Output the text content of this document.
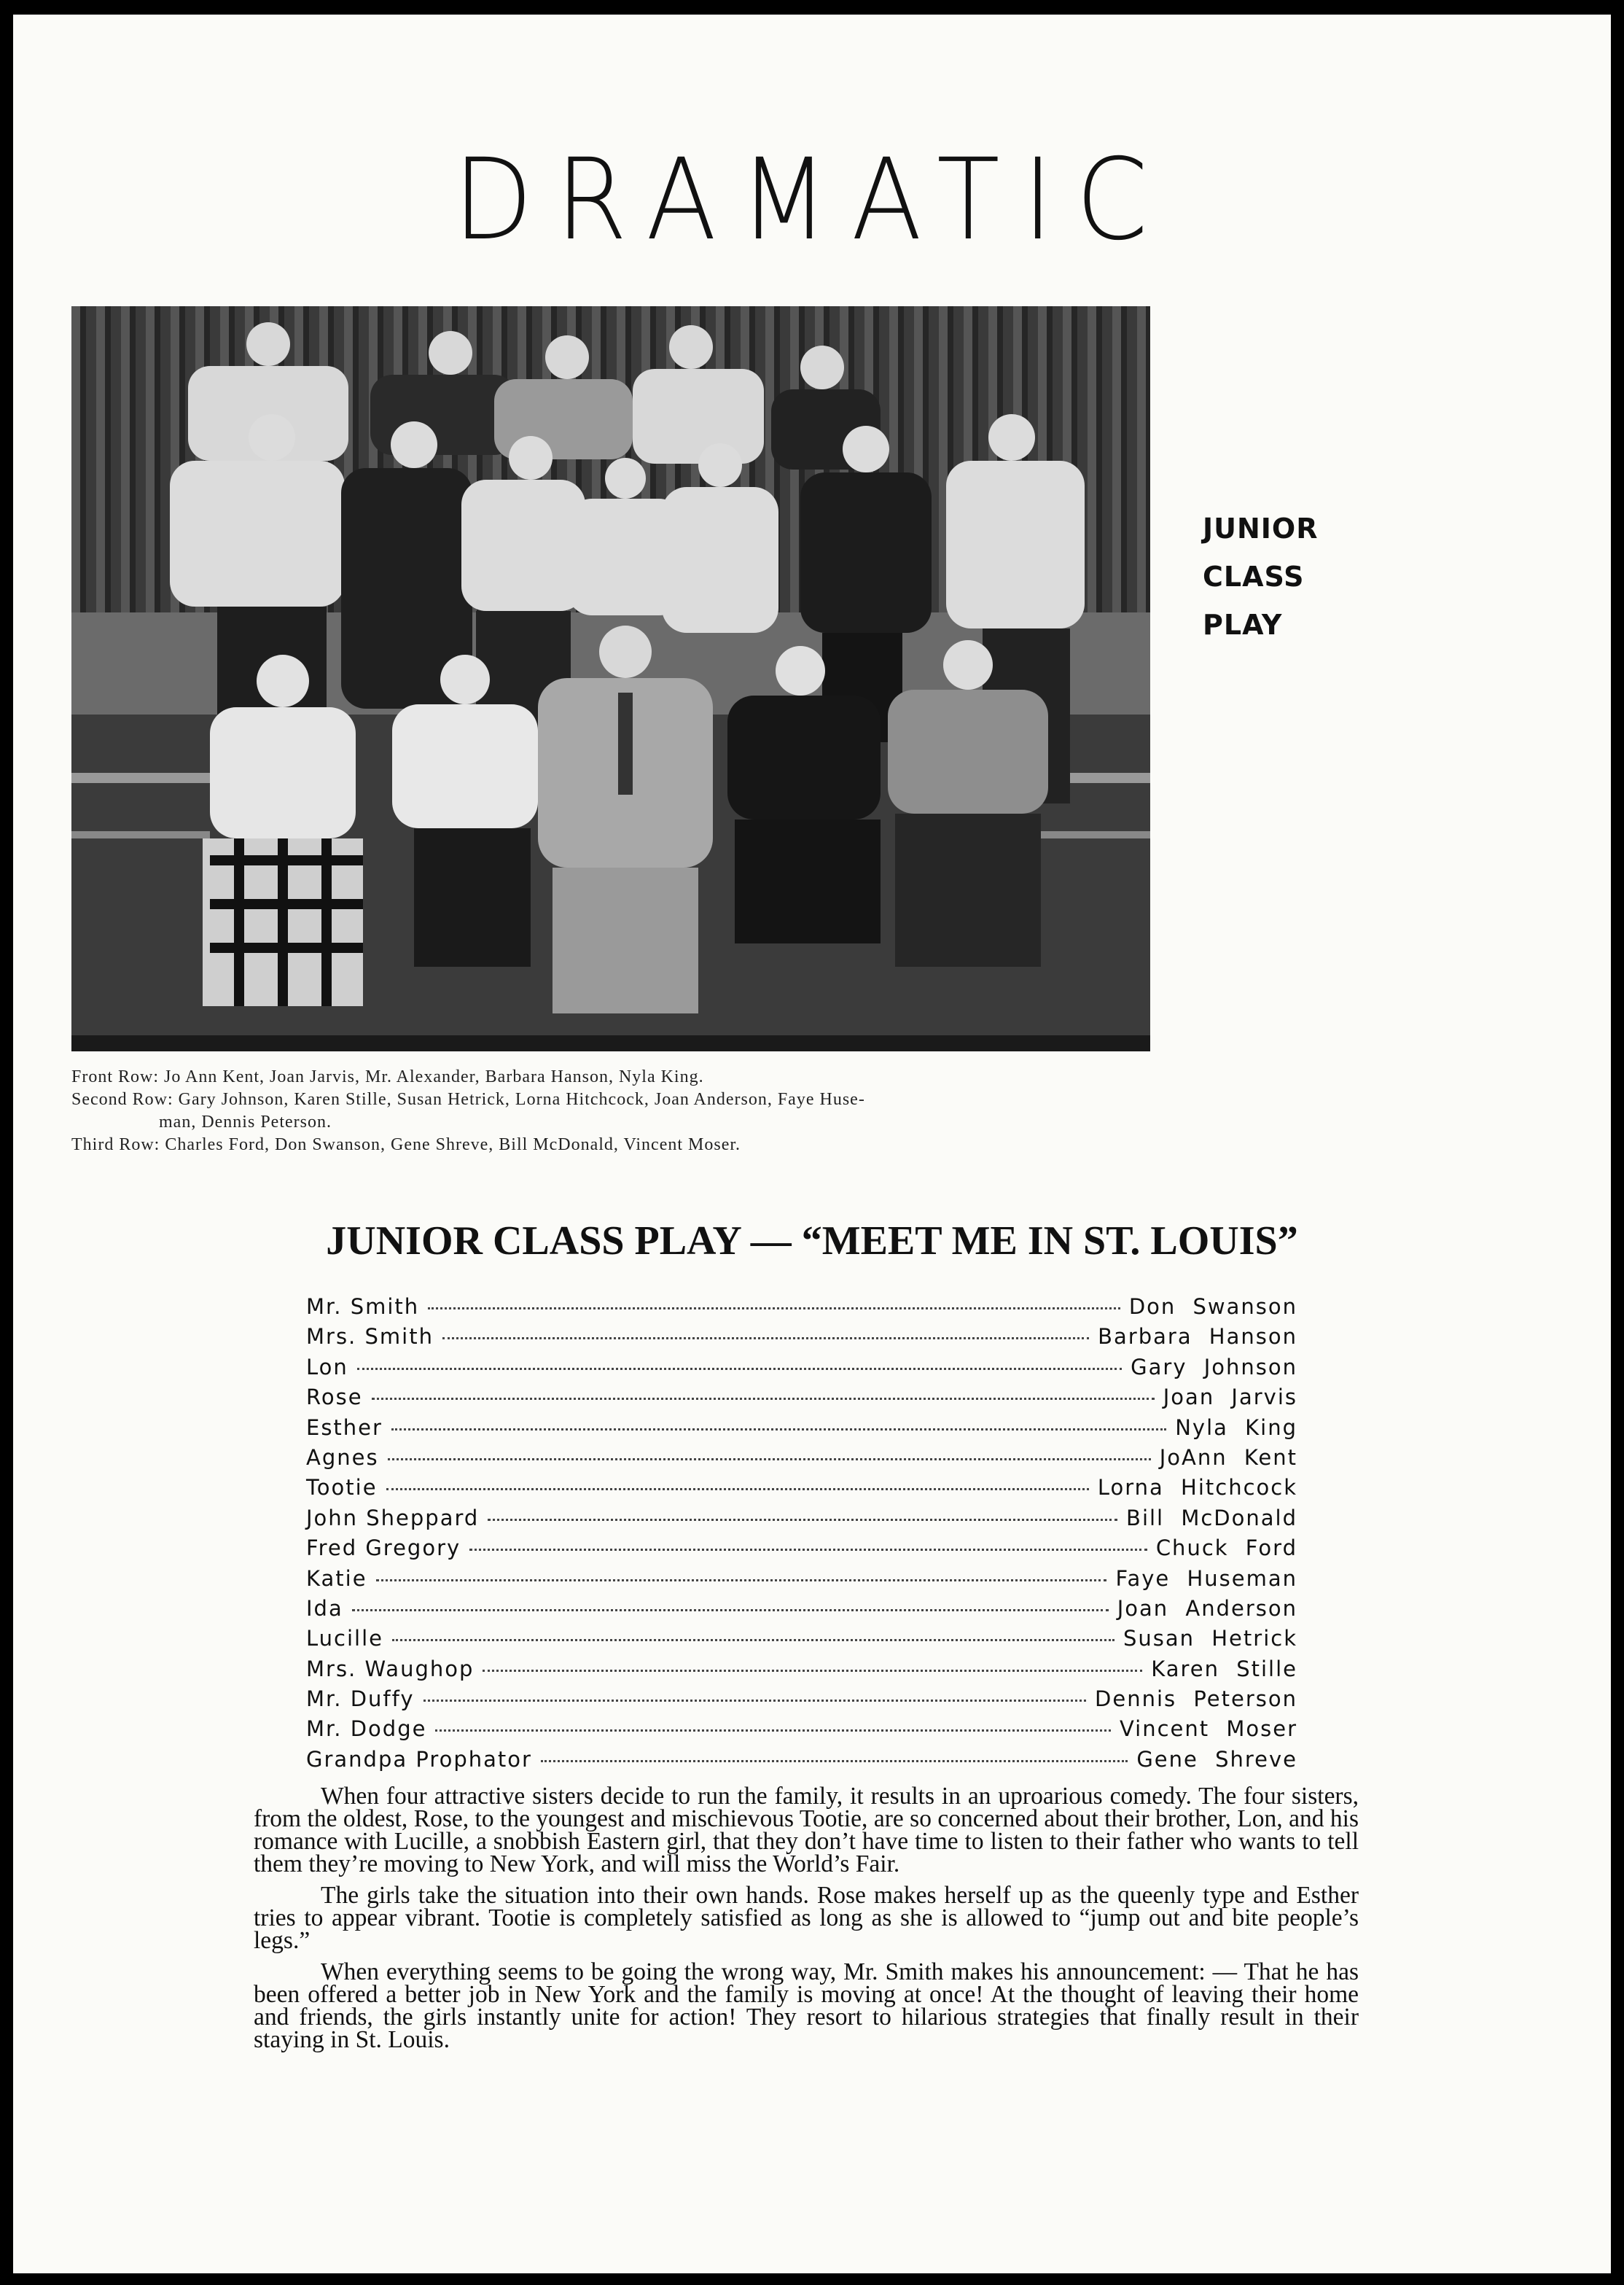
DRAMATIC
JUNIOR
CLASS
PLAY
Front Row: Jo Ann Kent, Joan Jarvis, Mr. Alexander, Barbara Hanson, Nyla King.
Second Row: Gary Johnson, Karen Stille, Susan Hetrick, Lorna Hitchcock, Joan Anderson, Faye Huse-
man, Dennis Peterson.
Third Row: Charles Ford, Don Swanson, Gene Shreve, Bill McDonald, Vincent Moser.
JUNIOR CLASS PLAY — “MEET ME IN ST. LOUIS”
Mr. Smith	Don Swanson
Mrs. Smith	Barbara Hanson
Lon	Gary Johnson
Rose	Joan Jarvis
Esther	Nyla King
Agnes	JoAnn Kent
Tootie	Lorna Hitchcock
John Sheppard	Bill McDonald
Fred Gregory	Chuck Ford
Katie	Faye Huseman
Ida	Joan Anderson
Lucille	Susan Hetrick
Mrs. Waughop	Karen Stille
Mr. Duffy	Dennis Peterson
Mr. Dodge	Vincent Moser
Grandpa Prophator	Gene Shreve

When four attractive sisters decide to run the family, it results in an uproarious comedy. The four sisters, from the oldest, Rose, to the youngest and mischievous Tootie, are so concerned about their brother, Lon, and his romance with Lucille, a snobbish Eastern girl, that they don’t have time to listen to their father who wants to tell them they’re moving to New York, and will miss the World’s Fair.

The girls take the situation into their own hands. Rose makes herself up as the queenly type and Esther tries to appear vibrant. Tootie is completely satisfied as long as she is allowed to “jump out and bite people’s legs.”

When everything seems to be going the wrong way, Mr. Smith makes his announcement: — That he has been offered a better job in New York and the family is moving at once! At the thought of leaving their home and friends, the girls instantly unite for action! They resort to hilarious strategies that finally result in their staying in St. Louis.
